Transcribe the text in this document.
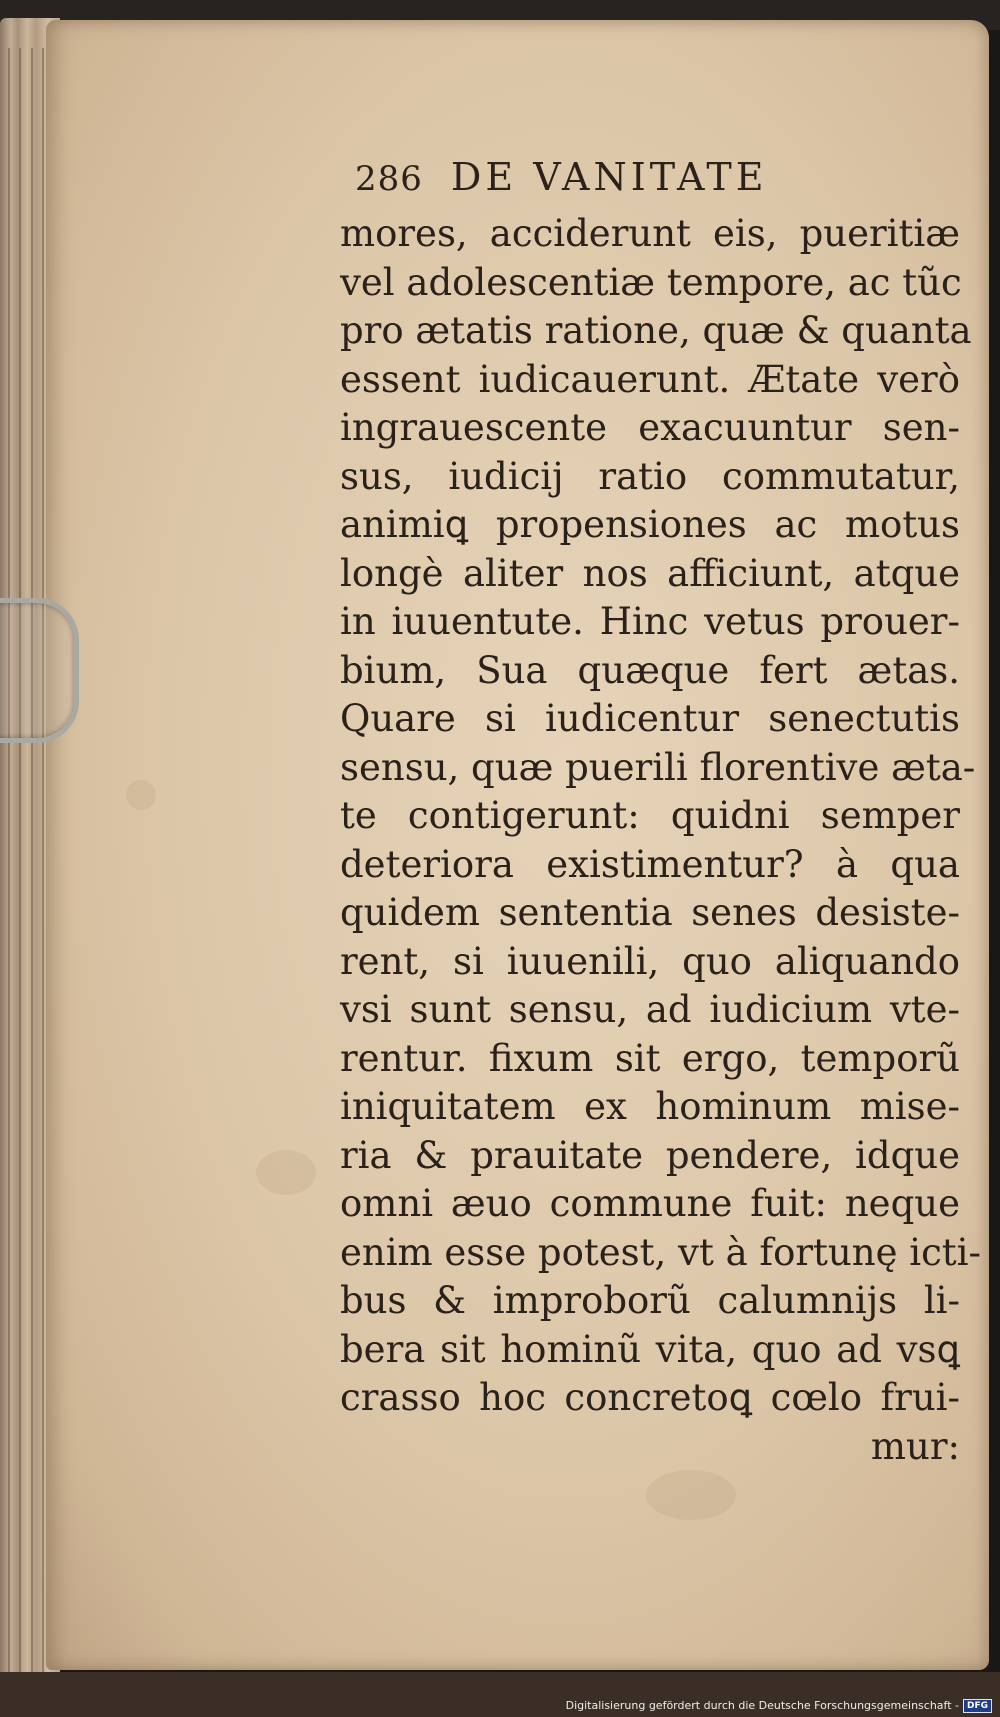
286 DE VANITATE
mores, acciderunt eis, pueritiæ
vel adolescentiæ tempore, ac tũc
pro ætatis ratione, quæ & quanta
essent iudicauerunt. Ætate verò
ingrauescente exacuuntur sen-
sus, iudicij ratio commutatur,
animiꝗ propensiones ac motus
longè aliter nos afficiunt, atque
in iuuentute. Hinc vetus prouer-
bium, Sua quæque fert ætas.
Quare si iudicentur senectutis
sensu, quæ puerili florentive æta-
te contigerunt: quidni semper
deteriora existimentur? à qua
quidem sententia senes desiste-
rent, si iuuenili, quo aliquando
vsi sunt sensu, ad iudicium vte-
rentur. fixum sit ergo, temporũ
iniquitatem ex hominum mise-
ria & prauitate pendere, idque
omni æuo commune fuit: neque
enim esse potest, vt à fortunę icti-
bus & improborũ calumnijs li-
bera sit hominũ vita, quo ad vsꝗ
crasso hoc concretoꝗ cœlo frui-
mur:
Digitalisierung gefördert durch die Deutsche Forschungsgemeinschaft - DFG
